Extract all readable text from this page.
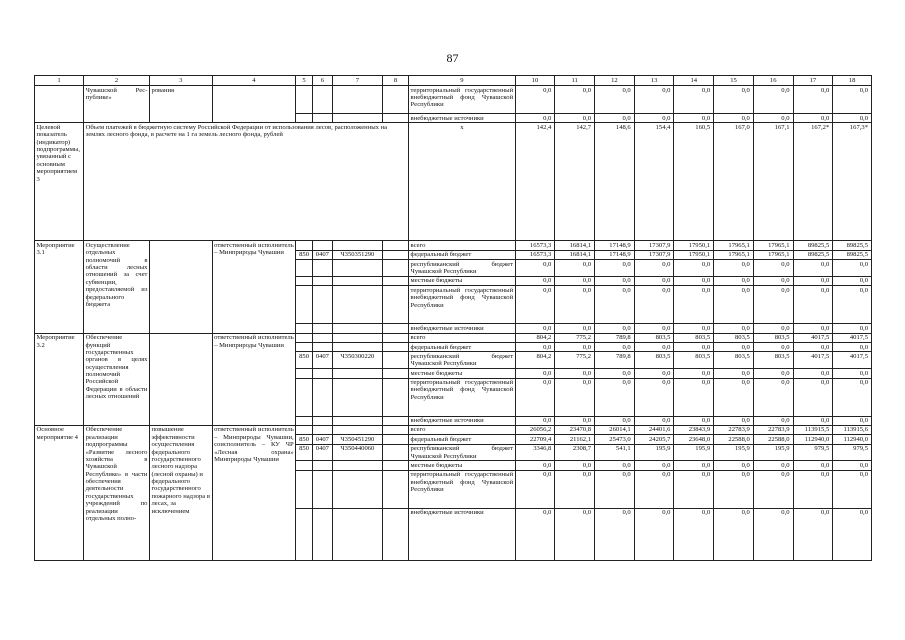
87
1	2	3	4	5	6	7	8	9	10	11	12	13	14	15	16	17	18
	Чувашской Рес-публике»	рования						территориальный государственный внебюджетный фонд Чувашской Республики	0,0	0,0	0,0	0,0	0,0	0,0	0,0	0,0	0,0
								внебюджетные источники	0,0	0,0	0,0	0,0	0,0	0,0	0,0	0,0	0,0
Целевой показатель (индикатор) подпрограммы, увязанный с основным мероприятием 3	Объем платежей в бюджетную систему Российской Федерации от использования лесов, расположенных на землях лесного фонда, в расчете на 1 га земель лесного фонда, рублей							x	142,4	142,7	148,6	154,4	160,5	167,0	167,1	167,2*	167,3*
Мероприятие 3.1	Осуществление отдельных полномочий в области лесных отношений за счет субвенции, предоставляемой из федерального бюджета		ответственный исполнитель – Минприроды Чувашии					всего	16573,3	16814,1	17148,9	17307,9	17950,1	17965,1	17965,1	89825,5	89825,5
				850	0407	Ч350351290		федеральный бюджет	16573,3	16814,1	17148,9	17307,9	17950,1	17965,1	17965,1	89825,5	89825,5
								республиканский бюджет Чувашской Республики	0,0	0,0	0,0	0,0	0,0	0,0	0,0	0,0	0,0
								местные бюджеты	0,0	0,0	0,0	0,0	0,0	0,0	0,0	0,0	0,0
								территориальный государственный внебюджетный фонд Чувашской Республики	0,0	0,0	0,0	0,0	0,0	0,0	0,0	0,0	0,0
								внебюджетные источники	0,0	0,0	0,0	0,0	0,0	0,0	0,0	0,0	0,0
Мероприятие 3.2	Обеспечение функций государственных органов в целях осуществления полномочий Российской Федерации в области лесных отношений		ответственный исполнитель – Минприроды Чувашии					всего	804,2	775,2	789,8	803,5	803,5	803,5	803,5	4017,5	4017,5
								федеральный бюджет	0,0	0,0	0,0	0,0	0,0	0,0	0,0	0,0	0,0
				850	0407	Ч350300220		республиканский бюджет Чувашской Республики	804,2	775,2	789,8	803,5	803,5	803,5	803,5	4017,5	4017,5
								местные бюджеты	0,0	0,0	0,0	0,0	0,0	0,0	0,0	0,0	0,0
								территориальный государственный внебюджетный фонд Чувашской Республики	0,0	0,0	0,0	0,0	0,0	0,0	0,0	0,0	0,0
								внебюджетные источники	0,0	0,0	0,0	0,0	0,0	0,0	0,0	0,0	0,0
Основное мероприятие 4	Обеспечение реализации подпрограммы «Развитие лесного хозяйства в Чувашской Республике» в части обеспечения деятельности государственных учреждений по реализации отдельных полно-	повышение эффективности осуществления федерального государственного лесного надзора (лесной охраны) и федерального государственного пожарного надзора в лесах, за исключением	ответственный исполнитель – Минприроды Чувашии, соисполнитель – КУ ЧР «Лесная охрана» Минприроды Чувашии					всего	26056,2	23470,8	26014,1	24401,6	23843,9	22783,9	22783,9	113915,5	113915,6
				850	0407	Ч350451290		федеральный бюджет	22709,4	21162,1	25473,0	24205,7	23648,0	22588,0	22588,0	112940,0	112940,0
				850	0407	Ч350440060		республиканский бюджет Чувашской Республики	3346,8	2308,7	541,1	195,9	195,9	195,9	195,9	979,5	979,5
								местные бюджеты	0,0	0,0	0,0	0,0	0,0	0,0	0,0	0,0	0,0
								территориальный государственный внебюджетный фонд Чувашской Республики	0,0	0,0	0,0	0,0	0,0	0,0	0,0	0,0	0,0
								внебюджетные источники	0,0	0,0	0,0	0,0	0,0	0,0	0,0	0,0	0,0
